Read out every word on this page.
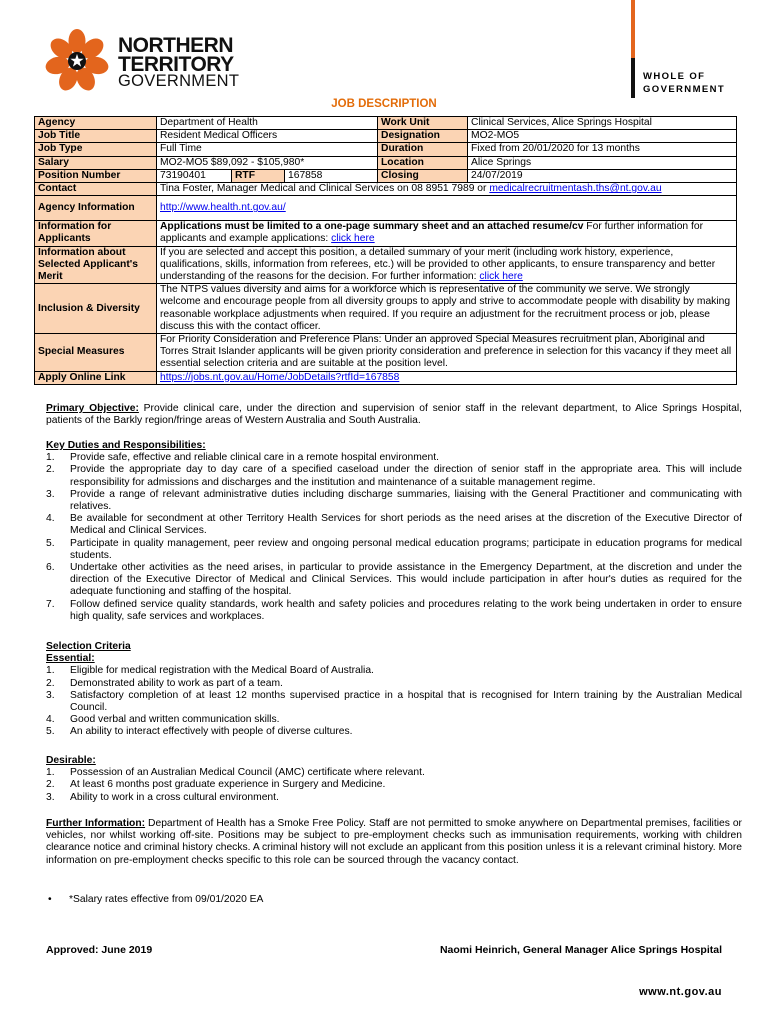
NORTHERN
TERRITORY
GOVERNMENT	WHOLE OF
GOVERNMENT
JOB DESCRIPTION
Agency	Department of Health			Work Unit	Clinical Services, Alice Springs Hospital
Job Title	Resident Medical Officers			Designation	MO2-MO5
Job Type	Full Time			Duration	Fixed from 20/01/2020 for 13 months
Salary	MO2-MO5 $89,092 - $105,980*			Location	Alice Springs
Position Number	73190401	RTF	167858	Closing	24/07/2019
Contact	Tina Foster, Manager Medical and Clinical Services on 08 8951 7989 or medicalrecruitmentash.ths@nt.gov.au				
Agency Information	http://www.health.nt.gov.au/				
Information for Applicants	Applications must be limited to a one-page summary sheet and an attached resume/cv For further information for applicants and example applications: click here				
Information about Selected Applicant's Merit	If you are selected and accept this position, a detailed summary of your merit (including work history, experience, qualifications, skills, information from referees, etc.) will be provided to other applicants, to ensure transparency and better understanding of the reasons for the decision. For further information: click here				
Inclusion & Diversity	The NTPS values diversity and aims for a workforce which is representative of the community we serve. We strongly welcome and encourage people from all diversity groups to apply and strive to accommodate people with disability by making reasonable workplace adjustments when required. If you require an adjustment for the recruitment process or job, please discuss this with the contact officer.				
Special Measures	For Priority Consideration and Preference Plans: Under an approved Special Measures recruitment plan, Aboriginal and Torres Strait Islander applicants will be given priority consideration and preference in selection for this vacancy if they meet all essential selection criteria and are suitable at the position level.				
Apply Online Link	https://jobs.nt.gov.au/Home/JobDetails?rtfId=167858				
Primary Objective: Provide clinical care, under the direction and supervision of senior staff in the relevant department, to Alice Springs Hospital, patients of the Barkly region/fringe areas of Western Australia and South Australia.
Key Duties and Responsibilities:
1. Provide safe, effective and reliable clinical care in a remote hospital environment.
2. Provide the appropriate day to day care of a specified caseload under the direction of senior staff in the appropriate area. This will include responsibility for admissions and discharges and the institution and maintenance of a suitable management regime.
3. Provide a range of relevant administrative duties including discharge summaries, liaising with the General Practitioner and communicating with relatives.
4. Be available for secondment at other Territory Health Services for short periods as the need arises at the discretion of the Executive Director of Medical and Clinical Services.
5. Participate in quality management, peer review and ongoing personal medical education programs; participate in education programs for medical students.
6. Undertake other activities as the need arises, in particular to provide assistance in the Emergency Department, at the discretion and under the direction of the Executive Director of Medical and Clinical Services. This would include participation in after hour's duties as required for the adequate functioning and staffing of the hospital.
7. Follow defined service quality standards, work health and safety policies and procedures relating to the work being undertaken in order to ensure high quality, safe services and workplaces.
Selection Criteria
Essential:
1. Eligible for medical registration with the Medical Board of Australia.
2. Demonstrated ability to work as part of a team.
3. Satisfactory completion of at least 12 months supervised practice in a hospital that is recognised for Intern training by the Australian Medical Council.
4. Good verbal and written communication skills.
5. An ability to interact effectively with people of diverse cultures.
Desirable:
1. Possession of an Australian Medical Council (AMC) certificate where relevant.
2. At least 6 months post graduate experience in Surgery and Medicine.
3. Ability to work in a cross cultural environment.
Further Information: Department of Health has a Smoke Free Policy. Staff are not permitted to smoke anywhere on Departmental premises, facilities or vehicles, nor whilst working off-site. Positions may be subject to pre-employment checks such as immunisation requirements, working with children clearance notice and criminal history checks. A criminal history will not exclude an applicant from this position unless it is a relevant criminal history. More information on pre-employment checks specific to this role can be sourced through the vacancy contact.
• *Salary rates effective from 09/01/2020 EA
Approved: June 2019	Naomi Heinrich, General Manager Alice Springs Hospital
www.nt.gov.au
